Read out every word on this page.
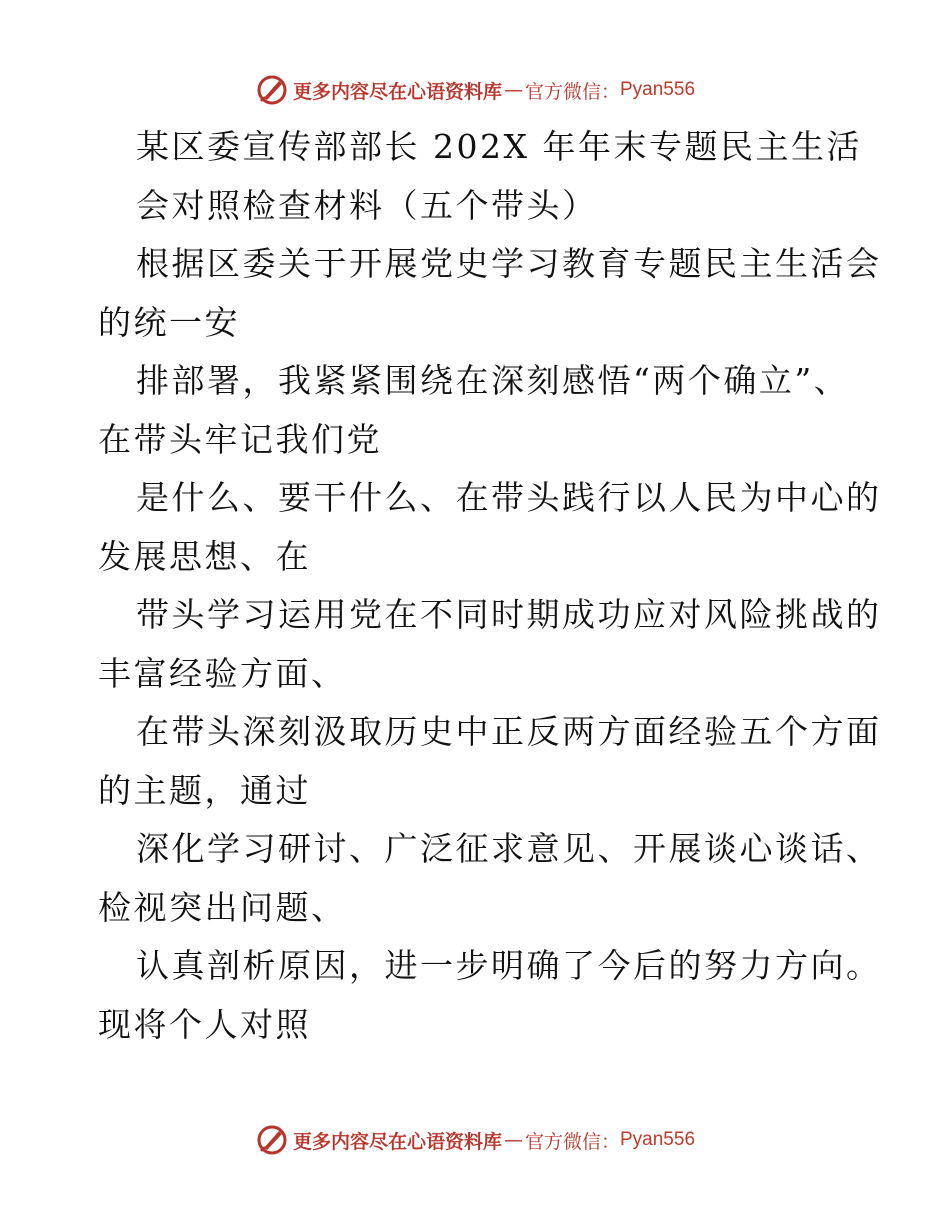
更多内容尽在心语资料库 — 官方微信： Pyan556
某区委宣传部部长 202X 年年末专题民主生活
会对照检查材料（五个带头）
根据区委关于开展党史学习教育专题民主生活会
的统一安
排部署，我紧紧围绕在深刻感悟“两个确立”、
在带头牢记我们党
是什么、要干什么、在带头践行以人民为中心的
发展思想、在
带头学习运用党在不同时期成功应对风险挑战的
丰富经验方面、
在带头深刻汲取历史中正反两方面经验五个方面
的主题，通过
深化学习研讨、广泛征求意见、开展谈心谈话、
检视突出问题、
认真剖析原因，进一步明确了今后的努力方向。
现将个人对照
更多内容尽在心语资料库 — 官方微信： Pyan556
